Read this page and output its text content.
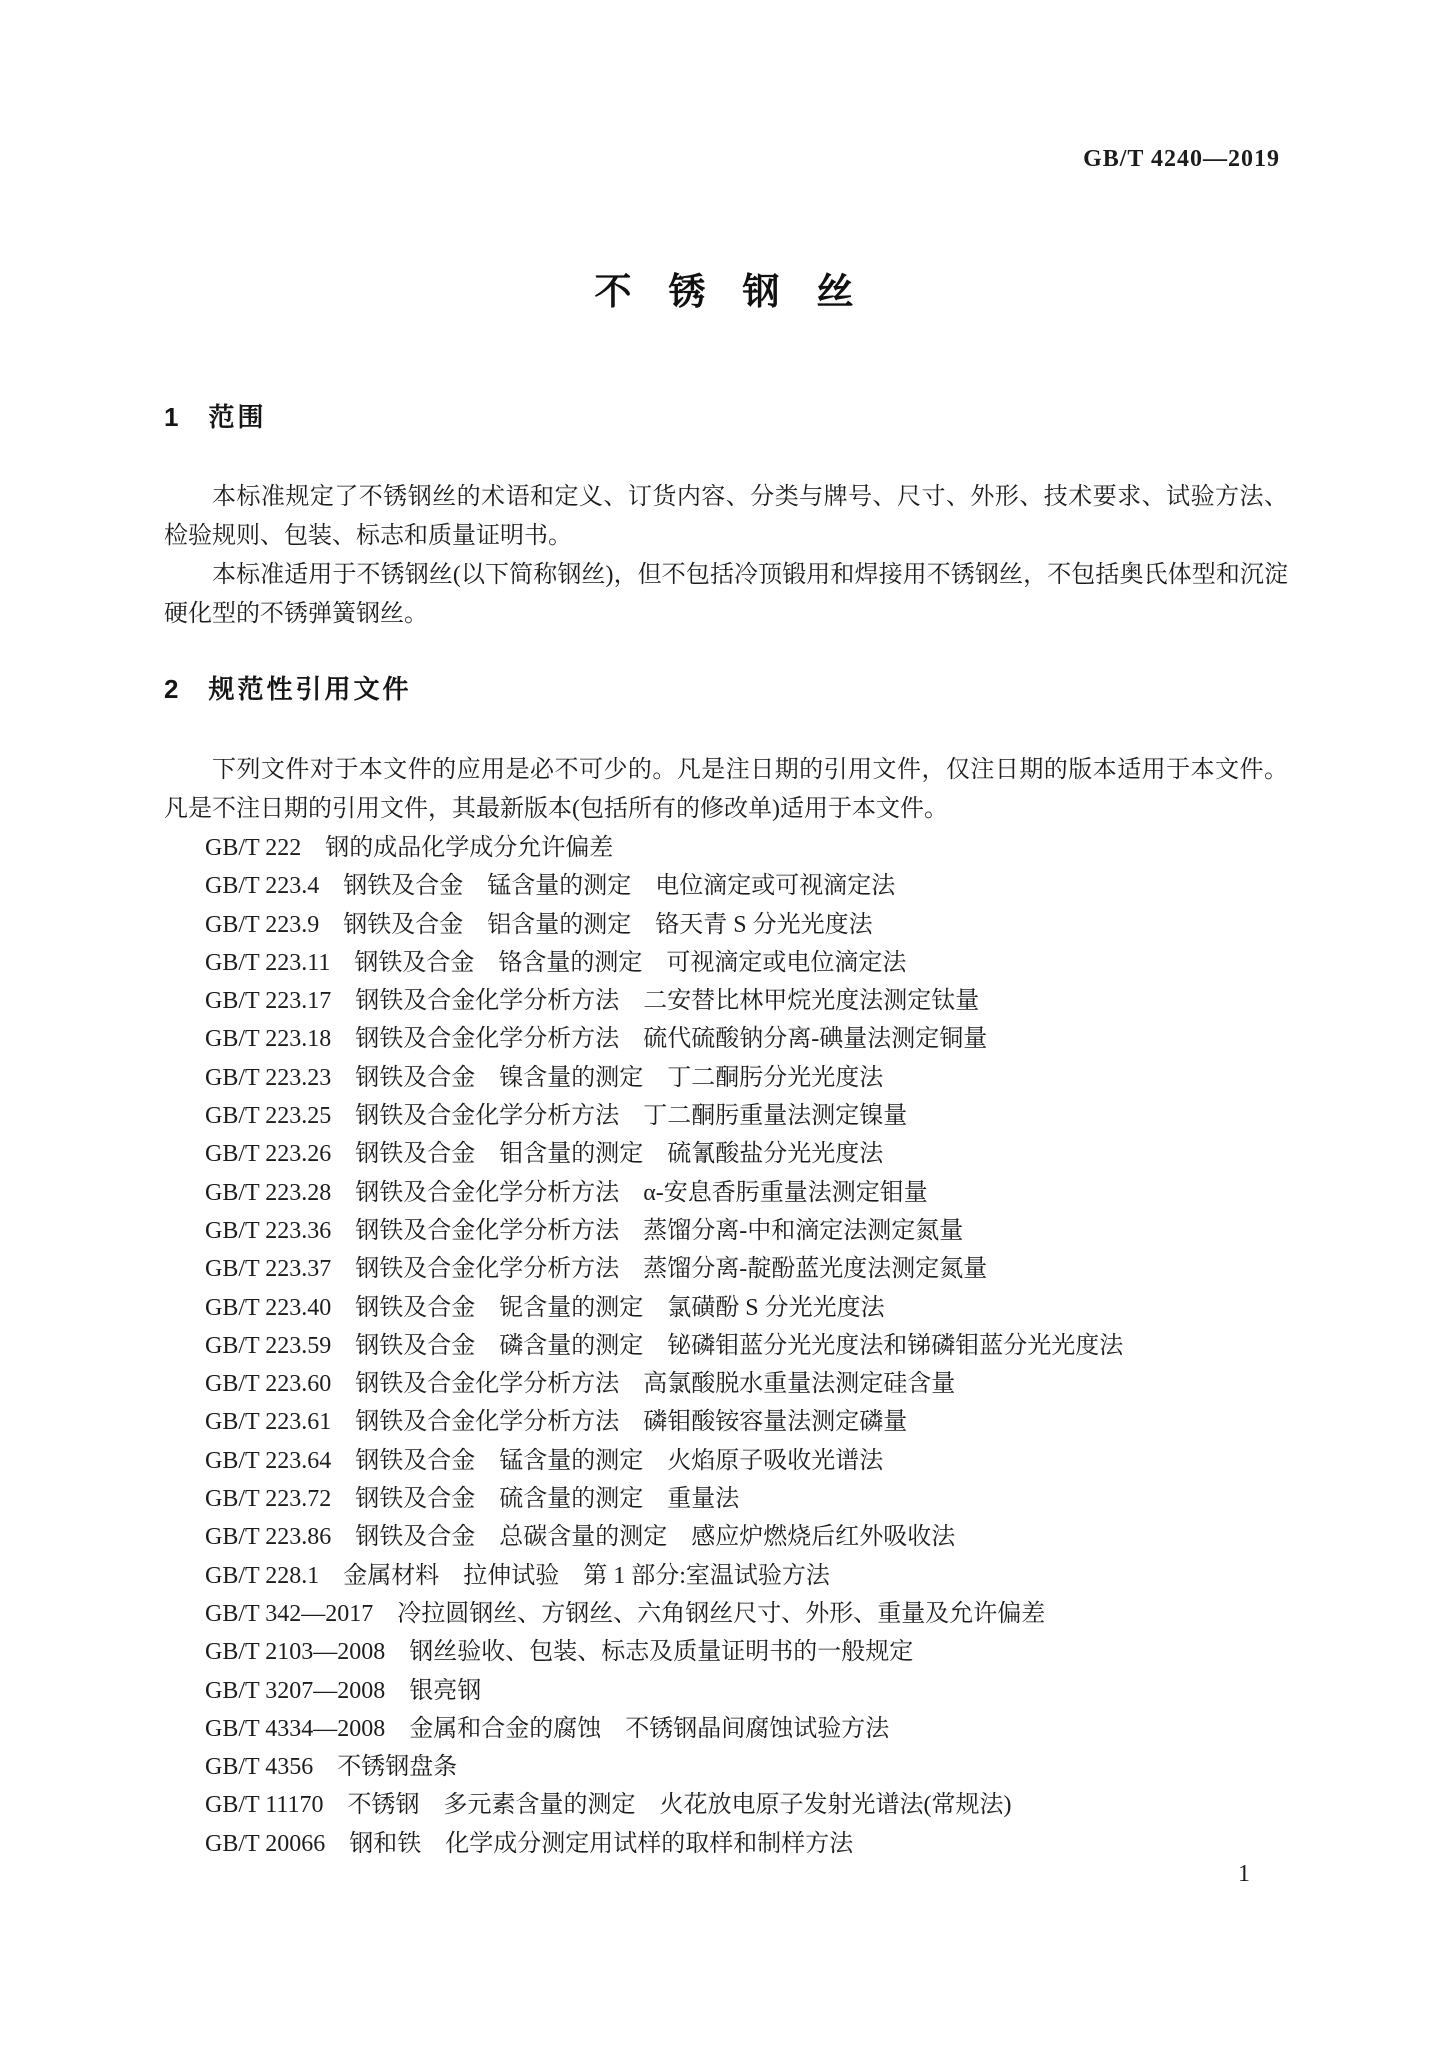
GB/T 4240—2019
不　锈　钢　丝
1 范围

本标准规定了不锈钢丝的术语和定义、订货内容、分类与牌号、尺寸、外形、技术要求、试验方法、检验规则、包装、标志和质量证明书。

本标准适用于不锈钢丝(以下简称钢丝)，但不包括冷顶锻用和焊接用不锈钢丝，不包括奥氏体型和沉淀硬化型的不锈弹簧钢丝。

2 规范性引用文件

下列文件对于本文件的应用是必不可少的。凡是注日期的引用文件，仅注日期的版本适用于本文件。凡是不注日期的引用文件，其最新版本(包括所有的修改单)适用于本文件。

GB/T 222　钢的成品化学成分允许偏差
GB/T 223.4　钢铁及合金　锰含量的测定　电位滴定或可视滴定法
GB/T 223.9　钢铁及合金　铝含量的测定　铬天青 S 分光光度法
GB/T 223.11　钢铁及合金　铬含量的测定　可视滴定或电位滴定法
GB/T 223.17　钢铁及合金化学分析方法　二安替比林甲烷光度法测定钛量
GB/T 223.18　钢铁及合金化学分析方法　硫代硫酸钠分离-碘量法测定铜量
GB/T 223.23　钢铁及合金　镍含量的测定　丁二酮肟分光光度法
GB/T 223.25　钢铁及合金化学分析方法　丁二酮肟重量法测定镍量
GB/T 223.26　钢铁及合金　钼含量的测定　硫氰酸盐分光光度法
GB/T 223.28　钢铁及合金化学分析方法　α-安息香肟重量法测定钼量
GB/T 223.36　钢铁及合金化学分析方法　蒸馏分离-中和滴定法测定氮量
GB/T 223.37　钢铁及合金化学分析方法　蒸馏分离-靛酚蓝光度法测定氮量
GB/T 223.40　钢铁及合金　铌含量的测定　氯磺酚 S 分光光度法
GB/T 223.59　钢铁及合金　磷含量的测定　铋磷钼蓝分光光度法和锑磷钼蓝分光光度法
GB/T 223.60　钢铁及合金化学分析方法　高氯酸脱水重量法测定硅含量
GB/T 223.61　钢铁及合金化学分析方法　磷钼酸铵容量法测定磷量
GB/T 223.64　钢铁及合金　锰含量的测定　火焰原子吸收光谱法
GB/T 223.72　钢铁及合金　硫含量的测定　重量法
GB/T 223.86　钢铁及合金　总碳含量的测定　感应炉燃烧后红外吸收法
GB/T 228.1　金属材料　拉伸试验　第 1 部分:室温试验方法
GB/T 342—2017　冷拉圆钢丝、方钢丝、六角钢丝尺寸、外形、重量及允许偏差
GB/T 2103—2008　钢丝验收、包装、标志及质量证明书的一般规定
GB/T 3207—2008　银亮钢
GB/T 4334—2008　金属和合金的腐蚀　不锈钢晶间腐蚀试验方法
GB/T 4356　不锈钢盘条
GB/T 11170　不锈钢　多元素含量的测定　火花放电原子发射光谱法(常规法)
GB/T 20066　钢和铁　化学成分测定用试样的取样和制样方法
1
